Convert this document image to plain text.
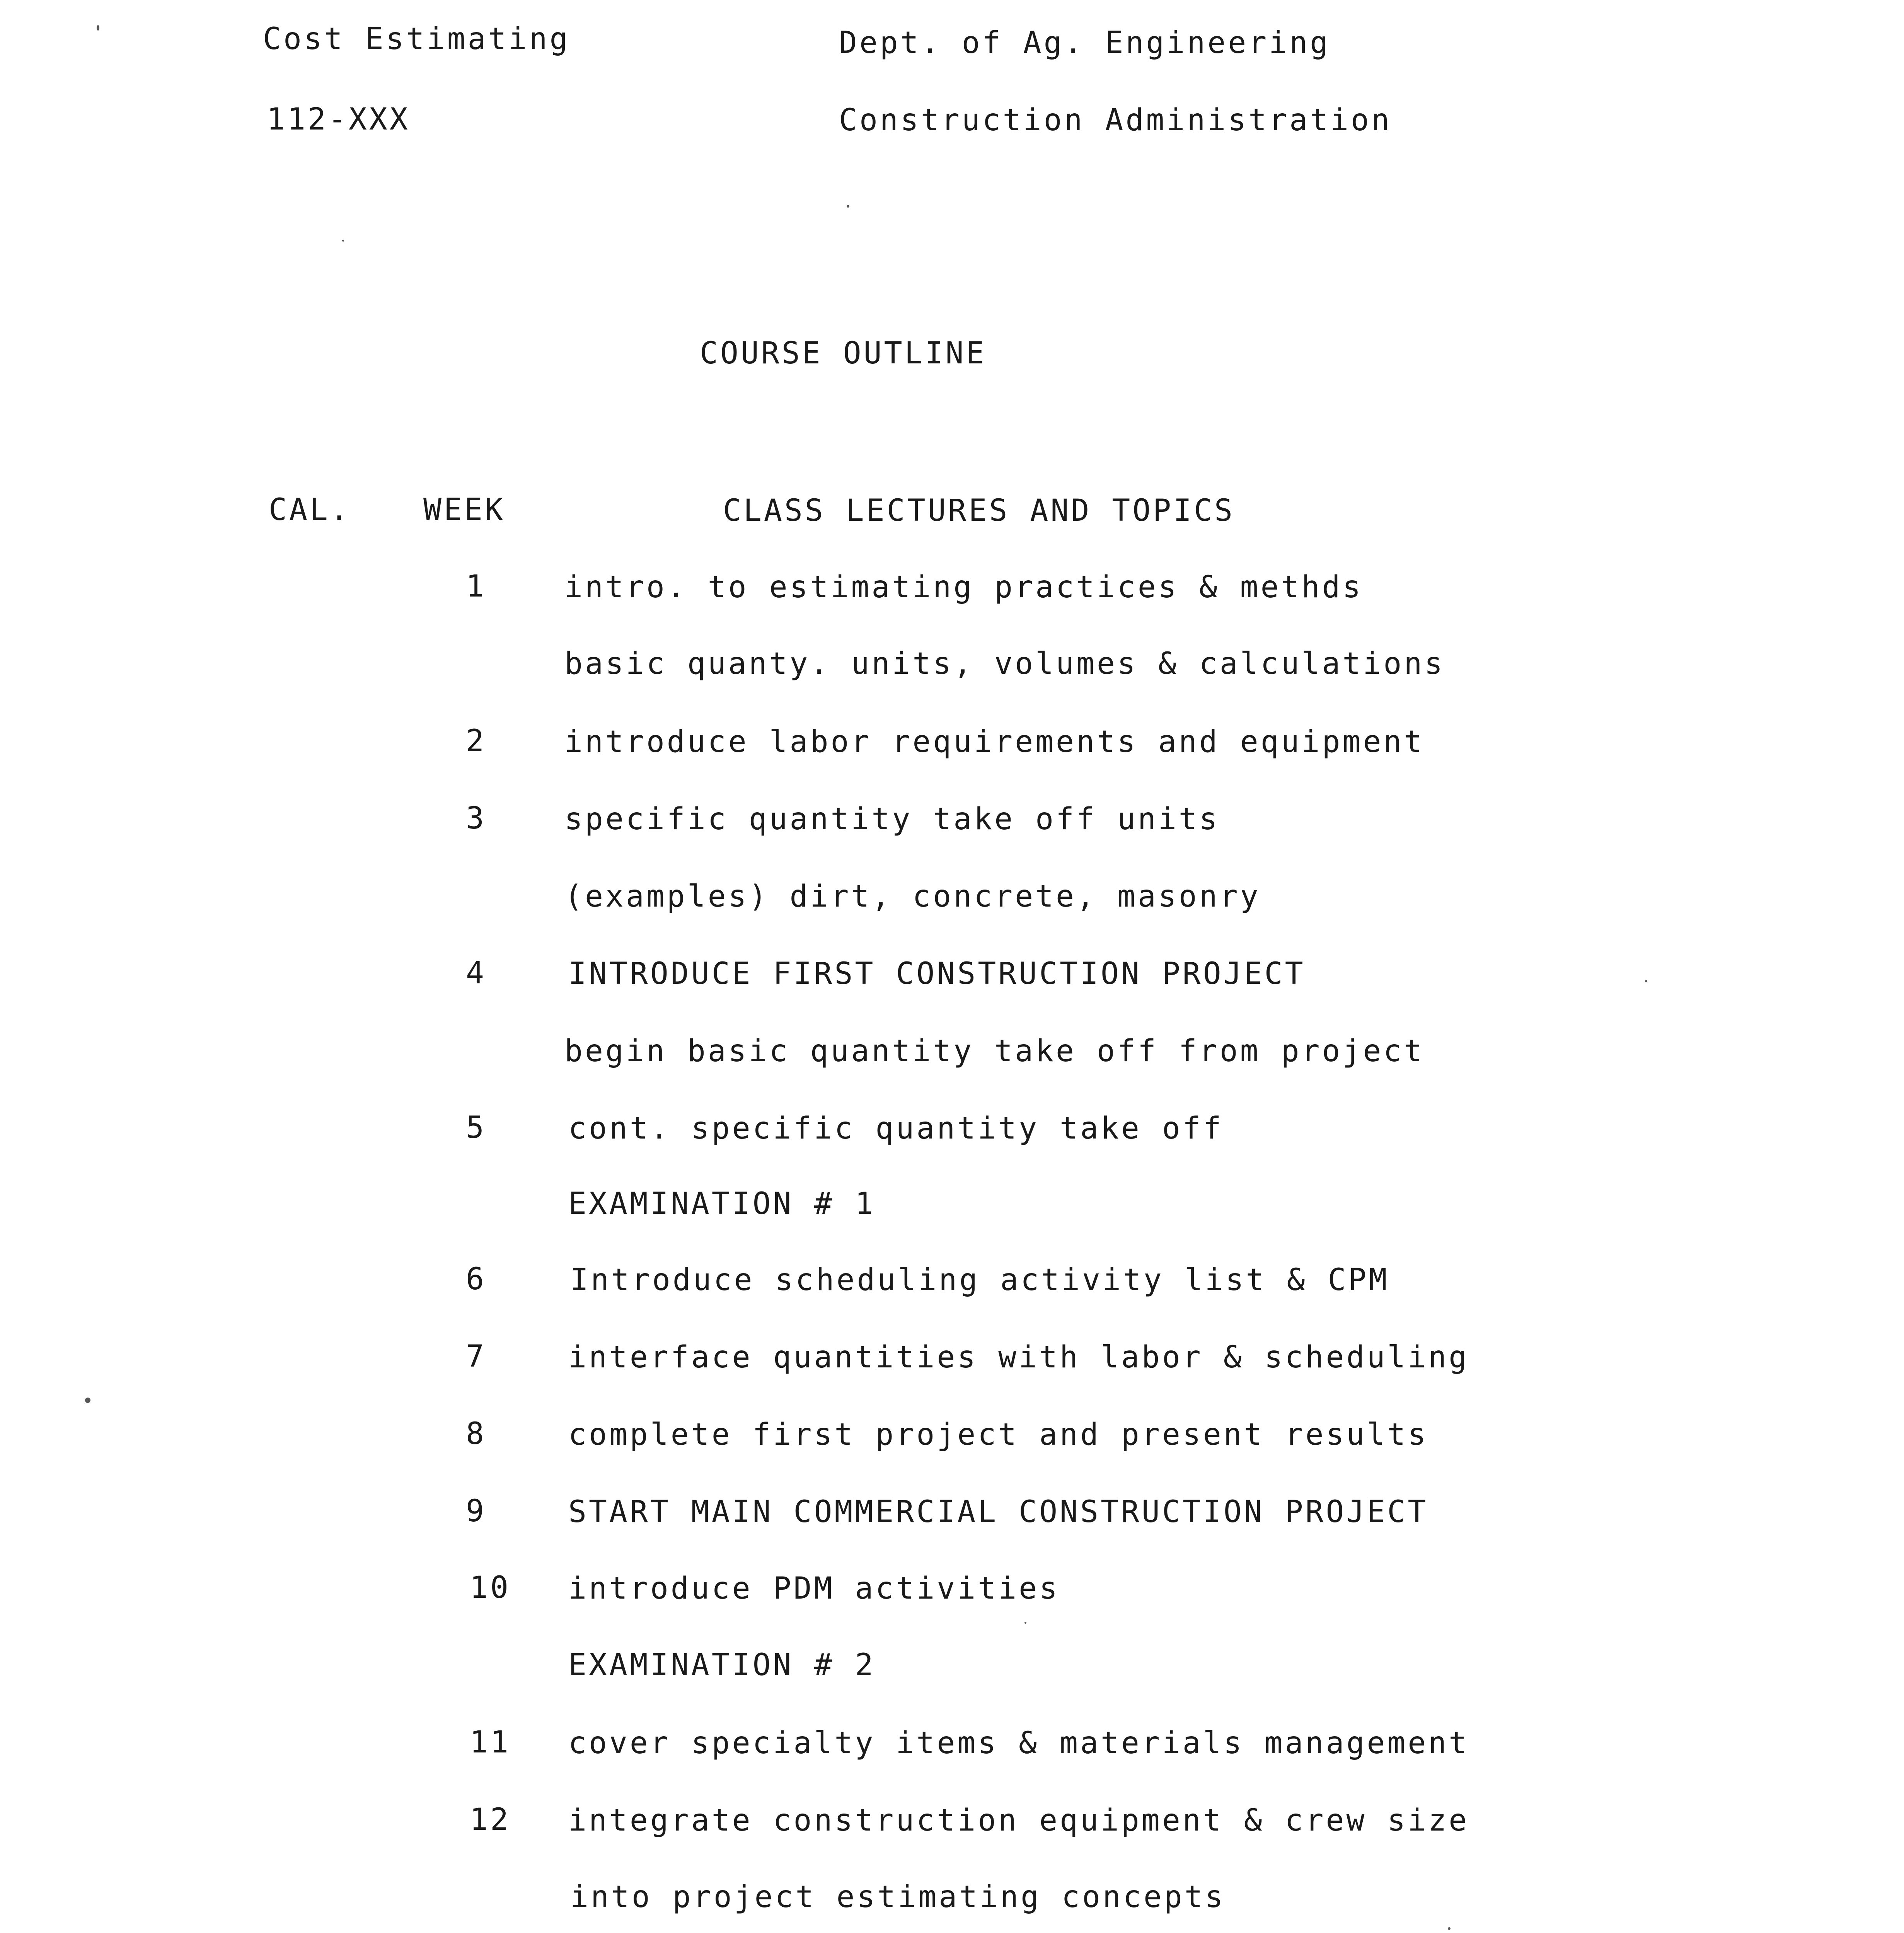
Cost Estimating	Dept. of Ag. Engineering
112-XXX	Construction Administration
COURSE OUTLINE
CAL. WEEK	CLASS LECTURES AND TOPICS
1	intro. to estimating practices & methds
basic quanty. units, volumes & calculations
2	introduce labor requirements and equipment
3	specific quantity take off units
(examples) dirt, concrete, masonry
4	INTRODUCE FIRST CONSTRUCTION PROJECT
begin basic quantity take off from project
5	cont. specific quantity take off
EXAMINATION # 1
6	Introduce scheduling activity list & CPM
7	interface quantities with labor & scheduling
8	complete first project and present results
9	START MAIN COMMERCIAL CONSTRUCTION PROJECT
10 introduce PDM activities
EXAMINATION # 2
11 cover specialty items & materials management
12 integrate construction equipment & crew size
into project estimating concepts
